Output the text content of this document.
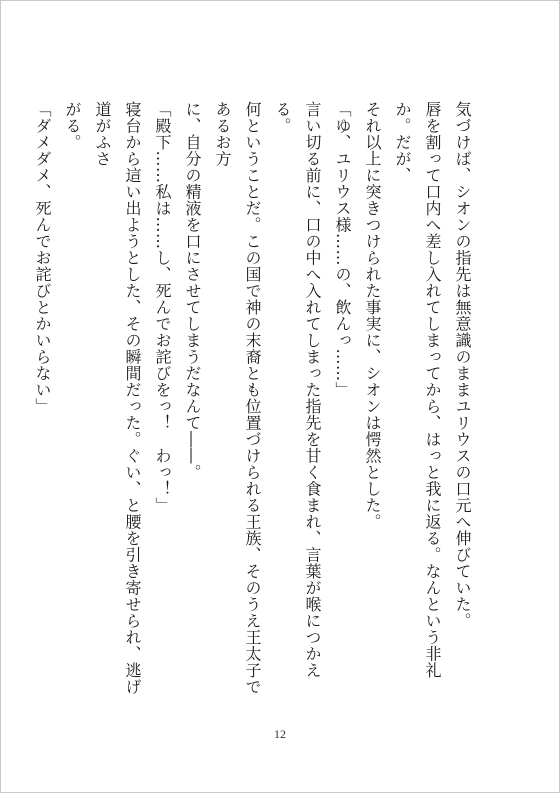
気づけば、シオンの指先は無意識のままユリウスの口元へ伸びていた。

唇を割って口内へ差し入れてしまってから、はっと我に返る。なんという非礼か。だが、

それ以上に突きつけられた事実に、シオンは愕然とした。

「ゆ、ユリウス様……の、飲んっ……」

言い切る前に、口の中へ入れてしまった指先を甘く食まれ、言葉が喉につかえる。

何ということだ。この国で神の末裔とも位置づけられる王族、そのうえ王太子であるお方

に、自分の精液を口にさせてしまうだなんて――。

「殿下……私は……し、死んでお詫びをっ！　わっ！」

寝台から這い出ようとした、その瞬間だった。ぐい、と腰を引き寄せられ、逃げ道がふさ

がる。

「ダメダメ、死んでお詫びとかいらない」

12
